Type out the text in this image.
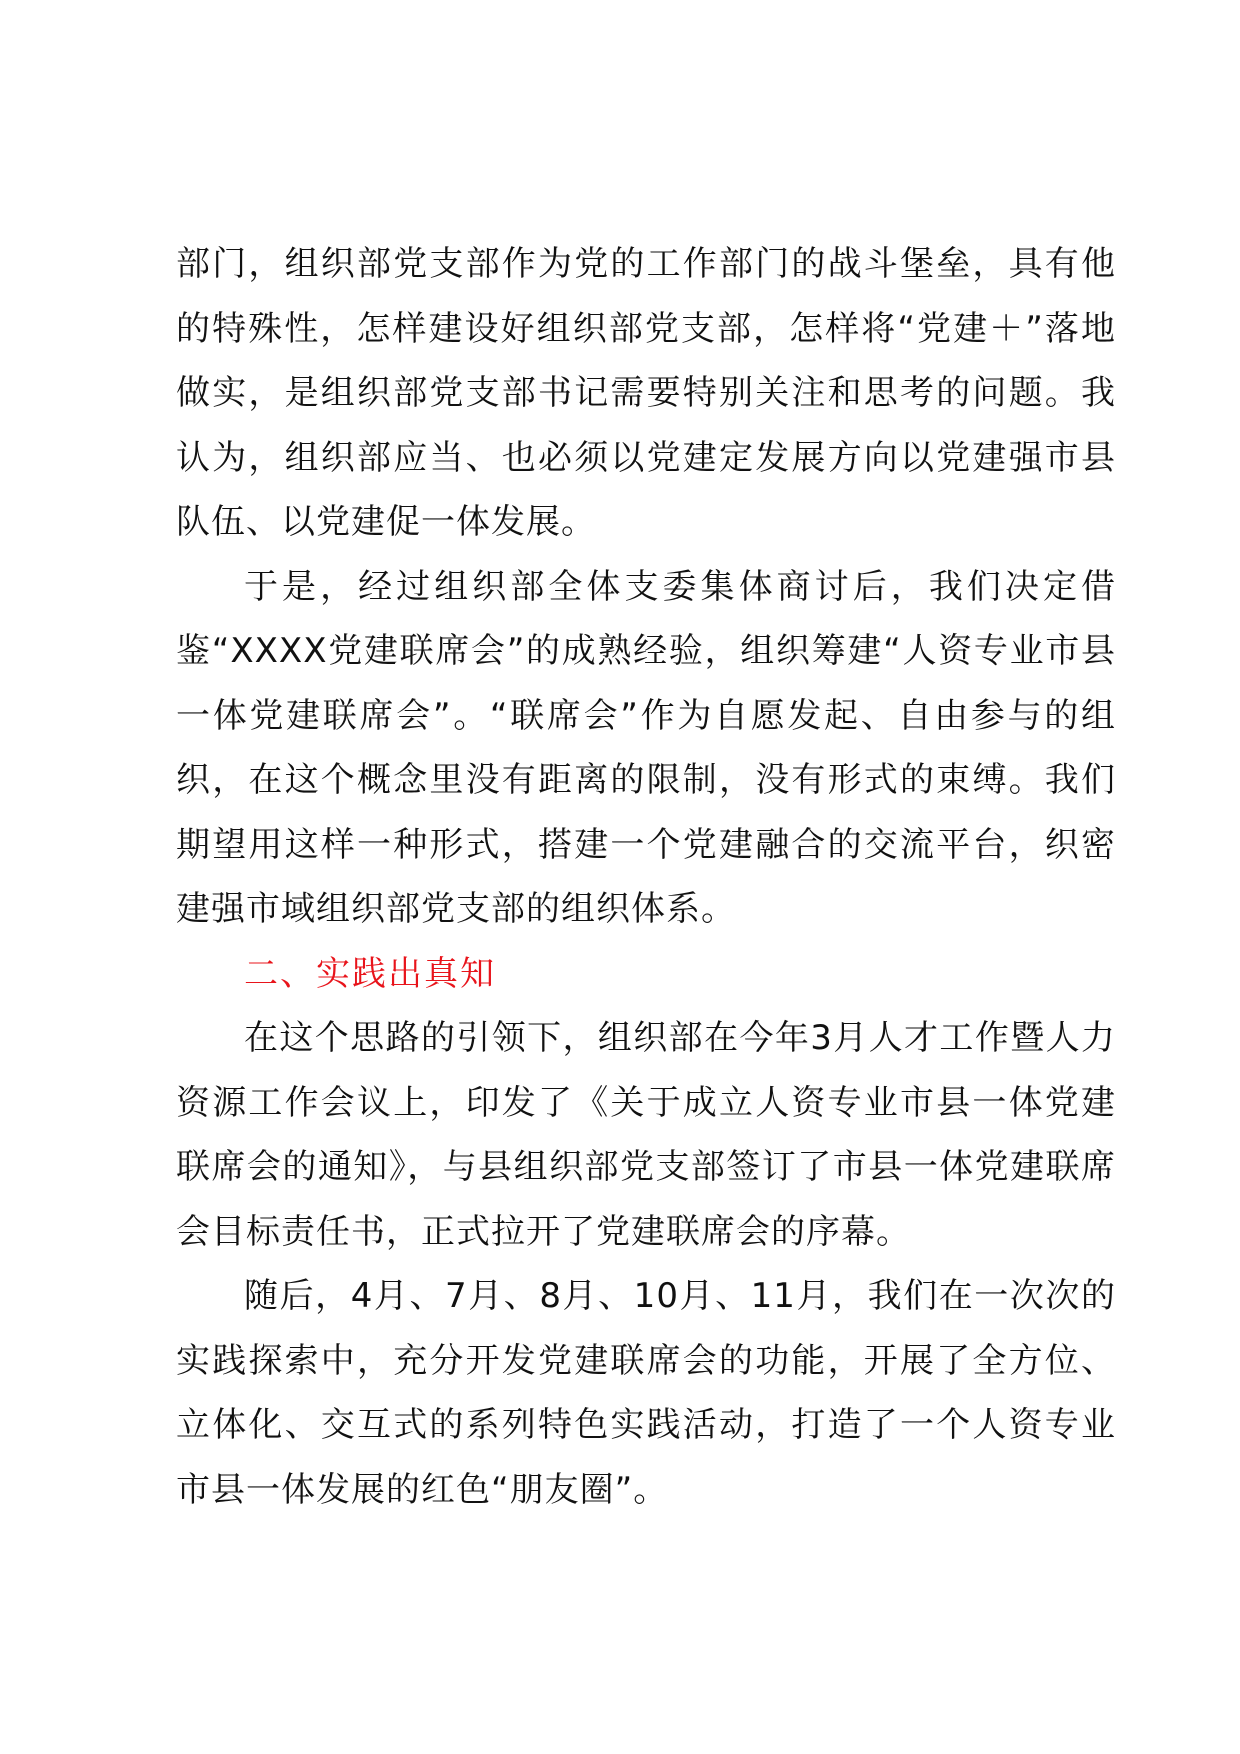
部门，组织部党支部作为党的工作部门的战斗堡垒，具有他的特殊性，怎样建设好组织部党支部，怎样将“党建＋”落地做实，是组织部党支部书记需要特别关注和思考的问题。我认为，组织部应当、也必须以党建定发展方向以党建强市县队伍、以党建促一体发展。

于是，经过组织部全体支委集体商讨后，我们决定借鉴“XXXX党建联席会”的成熟经验，组织筹建“人资专业市县一体党建联席会”。“联席会”作为自愿发起、自由参与的组织，在这个概念里没有距离的限制，没有形式的束缚。我们期望用这样一种形式，搭建一个党建融合的交流平台，织密建强市域组织部党支部的组织体系。

二、实践出真知

在这个思路的引领下，组织部在今年3月人才工作暨人力资源工作会议上，印发了《关于成立人资专业市县一体党建联席会的通知》，与县组织部党支部签订了市县一体党建联席会目标责任书，正式拉开了党建联席会的序幕。

随后，4月、7月、8月、10月、11月，我们在一次次的实践探索中，充分开发党建联席会的功能，开展了全方位、立体化、交互式的系列特色实践活动，打造了一个人资专业市县一体发展的红色“朋友圈”。
